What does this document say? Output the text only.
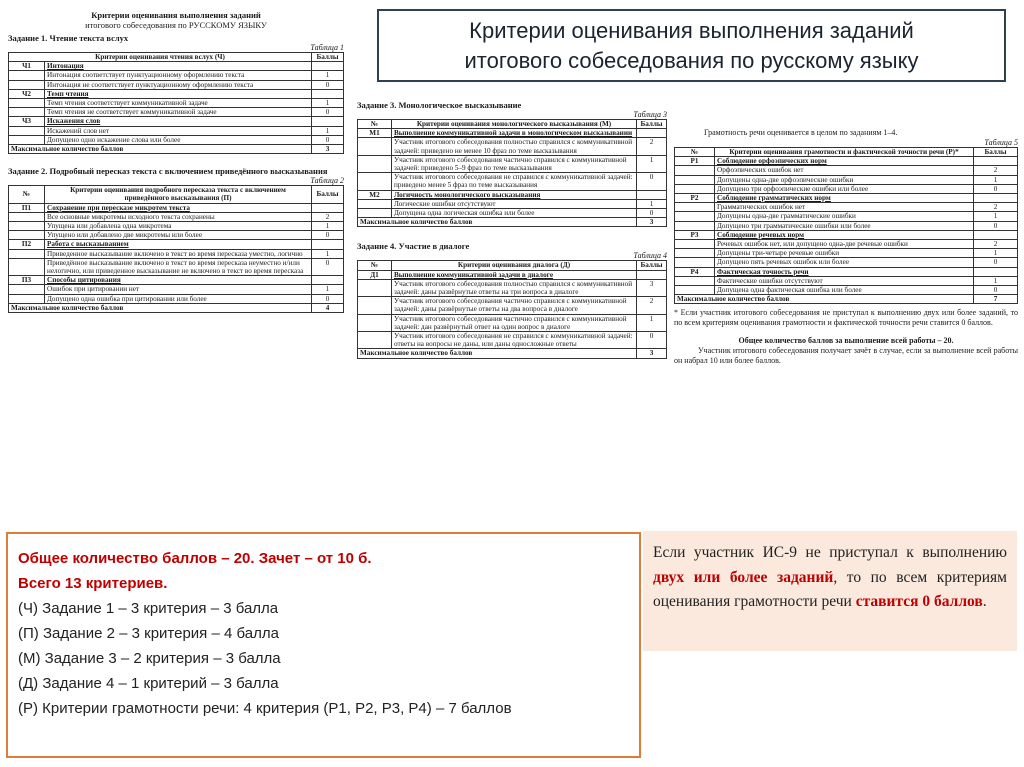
Критерии оценивания выполнения заданий
итогового собеседования по русскому языку
Критерии оценивания выполнения заданий
итогового собеседования по РУССКОМУ ЯЗЫКУ
Задание 1. Чтение текста вслух
Таблица 1
Критерии оценивания чтения вслух (Ч)		Баллы
Ч1	Интонация	
	Интонация соответствует пунктуационному оформлению текста	1
	Интонация не соответствует пунктуационному оформлению текста	0
Ч2	Темп чтения	
	Темп чтения соответствует коммуникативной задаче	1
	Темп чтения не соответствует коммуникативной задаче	0
Ч3	Искажения слов	
	Искажений слов нет	1
	Допущено одно искажение слова или более	0
Максимальное количество баллов		3
Задание 2. Подробный пересказ текста с включением приведённого высказывания
Таблица 2
№	Критерии оценивания подробного пересказа текста с включением приведённого высказывания (П)	Баллы
П1	Сохранение при пересказе микротем текста	
	Все основные микротемы исходного текста сохранены	2
	Упущена или добавлена одна микротема	1
	Упущено или добавлено две микротемы или более	0
П2	Работа с высказыванием	
	Приведенное высказывание включено в текст во время пересказа уместно, логично	1
	Приведённое высказывание включено в текст во время пересказа неуместно и/или нелогично, или приведенное высказывание не включено в текст во время пересказа	0
П3	Способы цитирования	
	Ошибок при цитировании нет	1
	Допущено одна ошибка при цитировании или более	0
Максимальное количество баллов		4
Задание 3. Монологическое высказывание
Таблица 3
№	Критерии оценивания монологического высказывания (М)	Баллы
М1	Выполнение коммуникативной задачи в монологическом высказывании	
	Участник итогового собеседования полностью справился с коммуникативной задачей: приведено не менее 10 фраз по теме высказывания	2
	Участник итогового собеседования частично справился с коммуникативной задачей: приведено 5–9 фраз по теме высказывания	1
	Участник итогового собеседования не справился с коммуникативной задачей: приведено менее 5 фраз по теме высказывания	0
М2	Логичность монологического высказывания	
	Логические ошибки отсутствуют	1
	Допущена одна логическая ошибка или более	0
Максимальное количество баллов		3
Задание 4. Участие в диалоге
Таблица 4
№	Критерии оценивания диалога (Д)	Баллы
Д1	Выполнение коммуникативной задачи в диалоге	
	Участник итогового собеседования полностью справился с коммуникативной задачей: даны развёрнутые ответы на три вопроса в диалоге	3
	Участник итогового собеседования частично справился с коммуникативной задачей: даны развёрнутые ответы на два вопроса в диалоге	2
	Участник итогового собеседования частично справился с коммуникативной задачей: дан развёрнутый ответ на один вопрос в диалоге	1
	Участник итогового собеседования не справился с коммуникативной задачей: ответы на вопросы не даны, или даны односложные ответы	0
Максимальное количество баллов		3

Грамотность речи оценивается в целом по заданиям 1–4.

Таблица 5
№	Критерии оценивания грамотности и фактической точности речи (Р)*	Баллы
Р1	Соблюдение орфоэпических норм	
	Орфоэпических ошибок нет	2
	Допущены одна-две орфоэпические ошибки	1
	Допущено три орфоэпические ошибки или более	0
Р2	Соблюдение грамматических норм	
	Грамматических ошибок нет	2
	Допущены одна-две грамматические ошибки	1
	Допущено три грамматические ошибки или более	0
Р3	Соблюдение речевых норм	
	Речевых ошибок нет, или допущено одна-две речевые ошибки	2
	Допущены три-четыре речевые ошибки	1
	Допущено пять речевых ошибок или более	0
Р4	Фактическая точность речи	
	Фактические ошибки отсутствуют	1
	Допущена одна фактическая ошибка или более	0
Максимальное количество баллов		7

* Если участник итогового собеседования не приступал к выполнению двух или более заданий, то по всем критериям оценивания грамотности и фактической точности речи ставится 0 баллов.

Общее количество баллов за выполнение всей работы – 20.

Участник итогового собеседования получает зачёт в случае, если за выполнение всей работы он набрал 10 или более баллов.

Общее количество баллов – 20. Зачет – от 10 б.
Всего 13 критериев.
(Ч) Задание 1 – 3 критерия – 3 балла
(П) Задание 2 – 3 критерия – 4 балла
(М) Задание 3 – 2 критерия – 3 балла
(Д) Задание 4 – 1 критерий – 3 балла
(Р) Критерии грамотности речи: 4 критерия (Р1, Р2, Р3, Р4) – 7 баллов
Если участник ИС-9 не приступал к выполнению двух или более заданий, то по всем критериям оценивания грамотности речи ставится 0 баллов.
